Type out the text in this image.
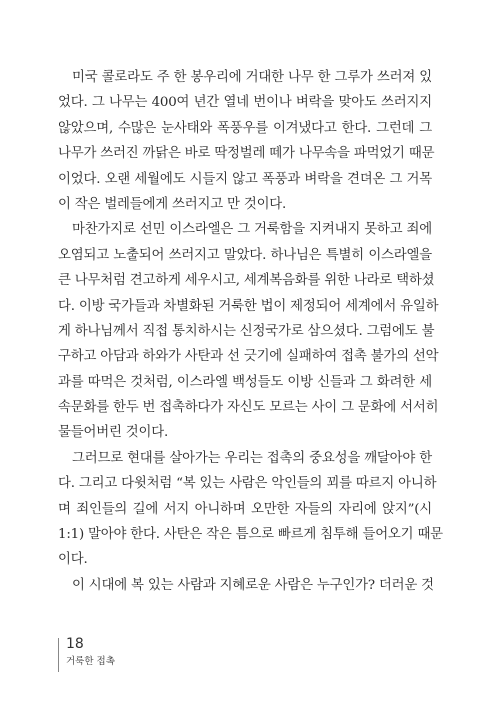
미국 콜로라도 주 한 봉우리에 거대한 나무 한 그루가 쓰러져 있
었다. 그 나무는 400여 년간 열네 번이나 벼락을 맞아도 쓰러지지
않았으며, 수많은 눈사태와 폭풍우를 이겨냈다고 한다. 그런데 그
나무가 쓰러진 까닭은 바로 딱정벌레 떼가 나무속을 파먹었기 때문
이었다. 오랜 세월에도 시들지 않고 폭풍과 벼락을 견뎌온 그 거목
이 작은 벌레들에게 쓰러지고 만 것이다.
마찬가지로 선민 이스라엘은 그 거룩함을 지켜내지 못하고 죄에
오염되고 노출되어 쓰러지고 말았다. 하나님은 특별히 이스라엘을
큰 나무처럼 견고하게 세우시고, 세계복음화를 위한 나라로 택하셨
다. 이방 국가들과 차별화된 거룩한 법이 제정되어 세계에서 유일하
게 하나님께서 직접 통치하시는 신정국가로 삼으셨다. 그럼에도 불
구하고 아담과 하와가 사탄과 선 긋기에 실패하여 접촉 불가의 선악
과를 따먹은 것처럼, 이스라엘 백성들도 이방 신들과 그 화려한 세
속문화를 한두 번 접촉하다가 자신도 모르는 사이 그 문화에 서서히
물들어버린 것이다.
그러므로 현대를 살아가는 우리는 접촉의 중요성을 깨달아야 한
다. 그리고 다윗처럼 “복 있는 사람은 악인들의 꾀를 따르지 아니하
며 죄인들의 길에 서지 아니하며 오만한 자들의 자리에 앉지”(시
1:1) 말아야 한다. 사탄은 작은 틈으로 빠르게 침투해 들어오기 때문
이다.
이 시대에 복 있는 사람과 지혜로운 사람은 누구인가? 더러운 것
18
거룩한 접촉
